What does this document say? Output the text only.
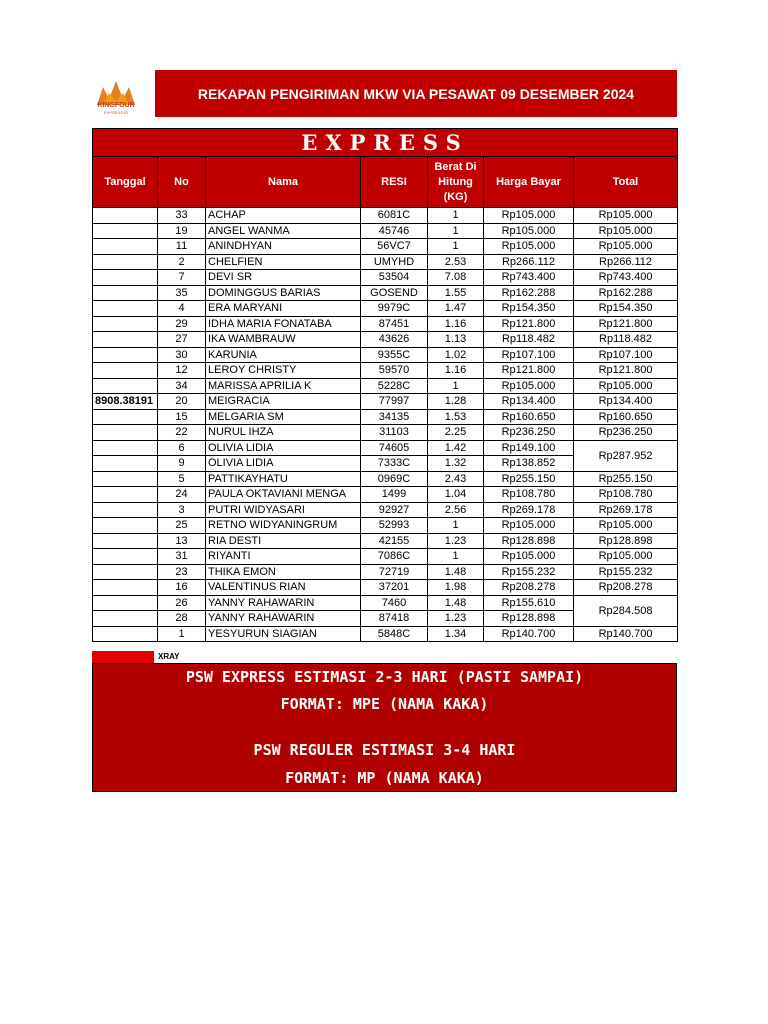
KINGFOUR
EXPRESS.ID
REKAPAN PENGIRIMAN MKW VIA PESAWAT 09 DESEMBER 2024
EXPRESS						
Tanggal	No	Nama	RESI	Berat Di Hitung (KG)	Harga Bayar	Total
	33	ACHAP	6081C	1	Rp105.000	Rp105.000
	19	ANGEL WANMA	45746	1	Rp105.000	Rp105.000
	11	ANINDHYAN	56VC7	1	Rp105.000	Rp105.000
	2	CHELFIEN	UMYHD	2.53	Rp266.112	Rp266.112
	7	DEVI SR	53504	7.08	Rp743.400	Rp743.400
	35	DOMINGGUS BARIAS	GOSEND	1.55	Rp162.288	Rp162.288
	4	ERA MARYANI	9979C	1.47	Rp154.350	Rp154.350
	29	IDHA MARIA FONATABA	87451	1.16	Rp121.800	Rp121.800
	27	IKA WAMBRAUW	43626	1.13	Rp118.482	Rp118.482
	30	KARUNIA	9355C	1.02	Rp107.100	Rp107.100
	12	LEROY CHRISTY	59570	1.16	Rp121.800	Rp121.800
	34	MARISSA APRILIA K	5228C	1	Rp105.000	Rp105.000
8908.38191	20	MEIGRACIA	77997	1.28	Rp134.400	Rp134.400
	15	MELGARIA SM	34135	1.53	Rp160.650	Rp160.650
	22	NURUL IHZA	31103	2.25	Rp236.250	Rp236.250
	6	OLIVIA LIDIA	74605	1.42	Rp149.100	Rp287.952
	9	OLIVIA LIDIA	7333C	1.32	Rp138.852	
	5	PATTIKAYHATU	0969C	2.43	Rp255.150	Rp255.150
	24	PAULA OKTAVIANI MENGA	1499	1.04	Rp108.780	Rp108.780
	3	PUTRI WIDYASARI	92927	2.56	Rp269.178	Rp269.178
	25	RETNO WIDYANINGRUM	52993	1	Rp105.000	Rp105.000
	13	RIA DESTI	42155	1.23	Rp128.898	Rp128.898
	31	RIYANTI	7086C	1	Rp105.000	Rp105.000
	23	THIKA EMON	72719	1.48	Rp155.232	Rp155.232
	16	VALENTINUS RIAN	37201	1.98	Rp208.278	Rp208.278
	26	YANNY RAHAWARIN	7460	1.48	Rp155.610	Rp284.508
	28	YANNY RAHAWARIN	87418	1.23	Rp128.898	
	1	YESYURUN SIAGIAN	5848C	1.34	Rp140.700	Rp140.700
XRAY
PSW EXPRESS ESTIMASI 2-3 HARI (PASTI SAMPAI)
FORMAT: MPE (NAMA KAKA)
PSW REGULER ESTIMASI 3-4 HARI
FORMAT: MP (NAMA KAKA)
